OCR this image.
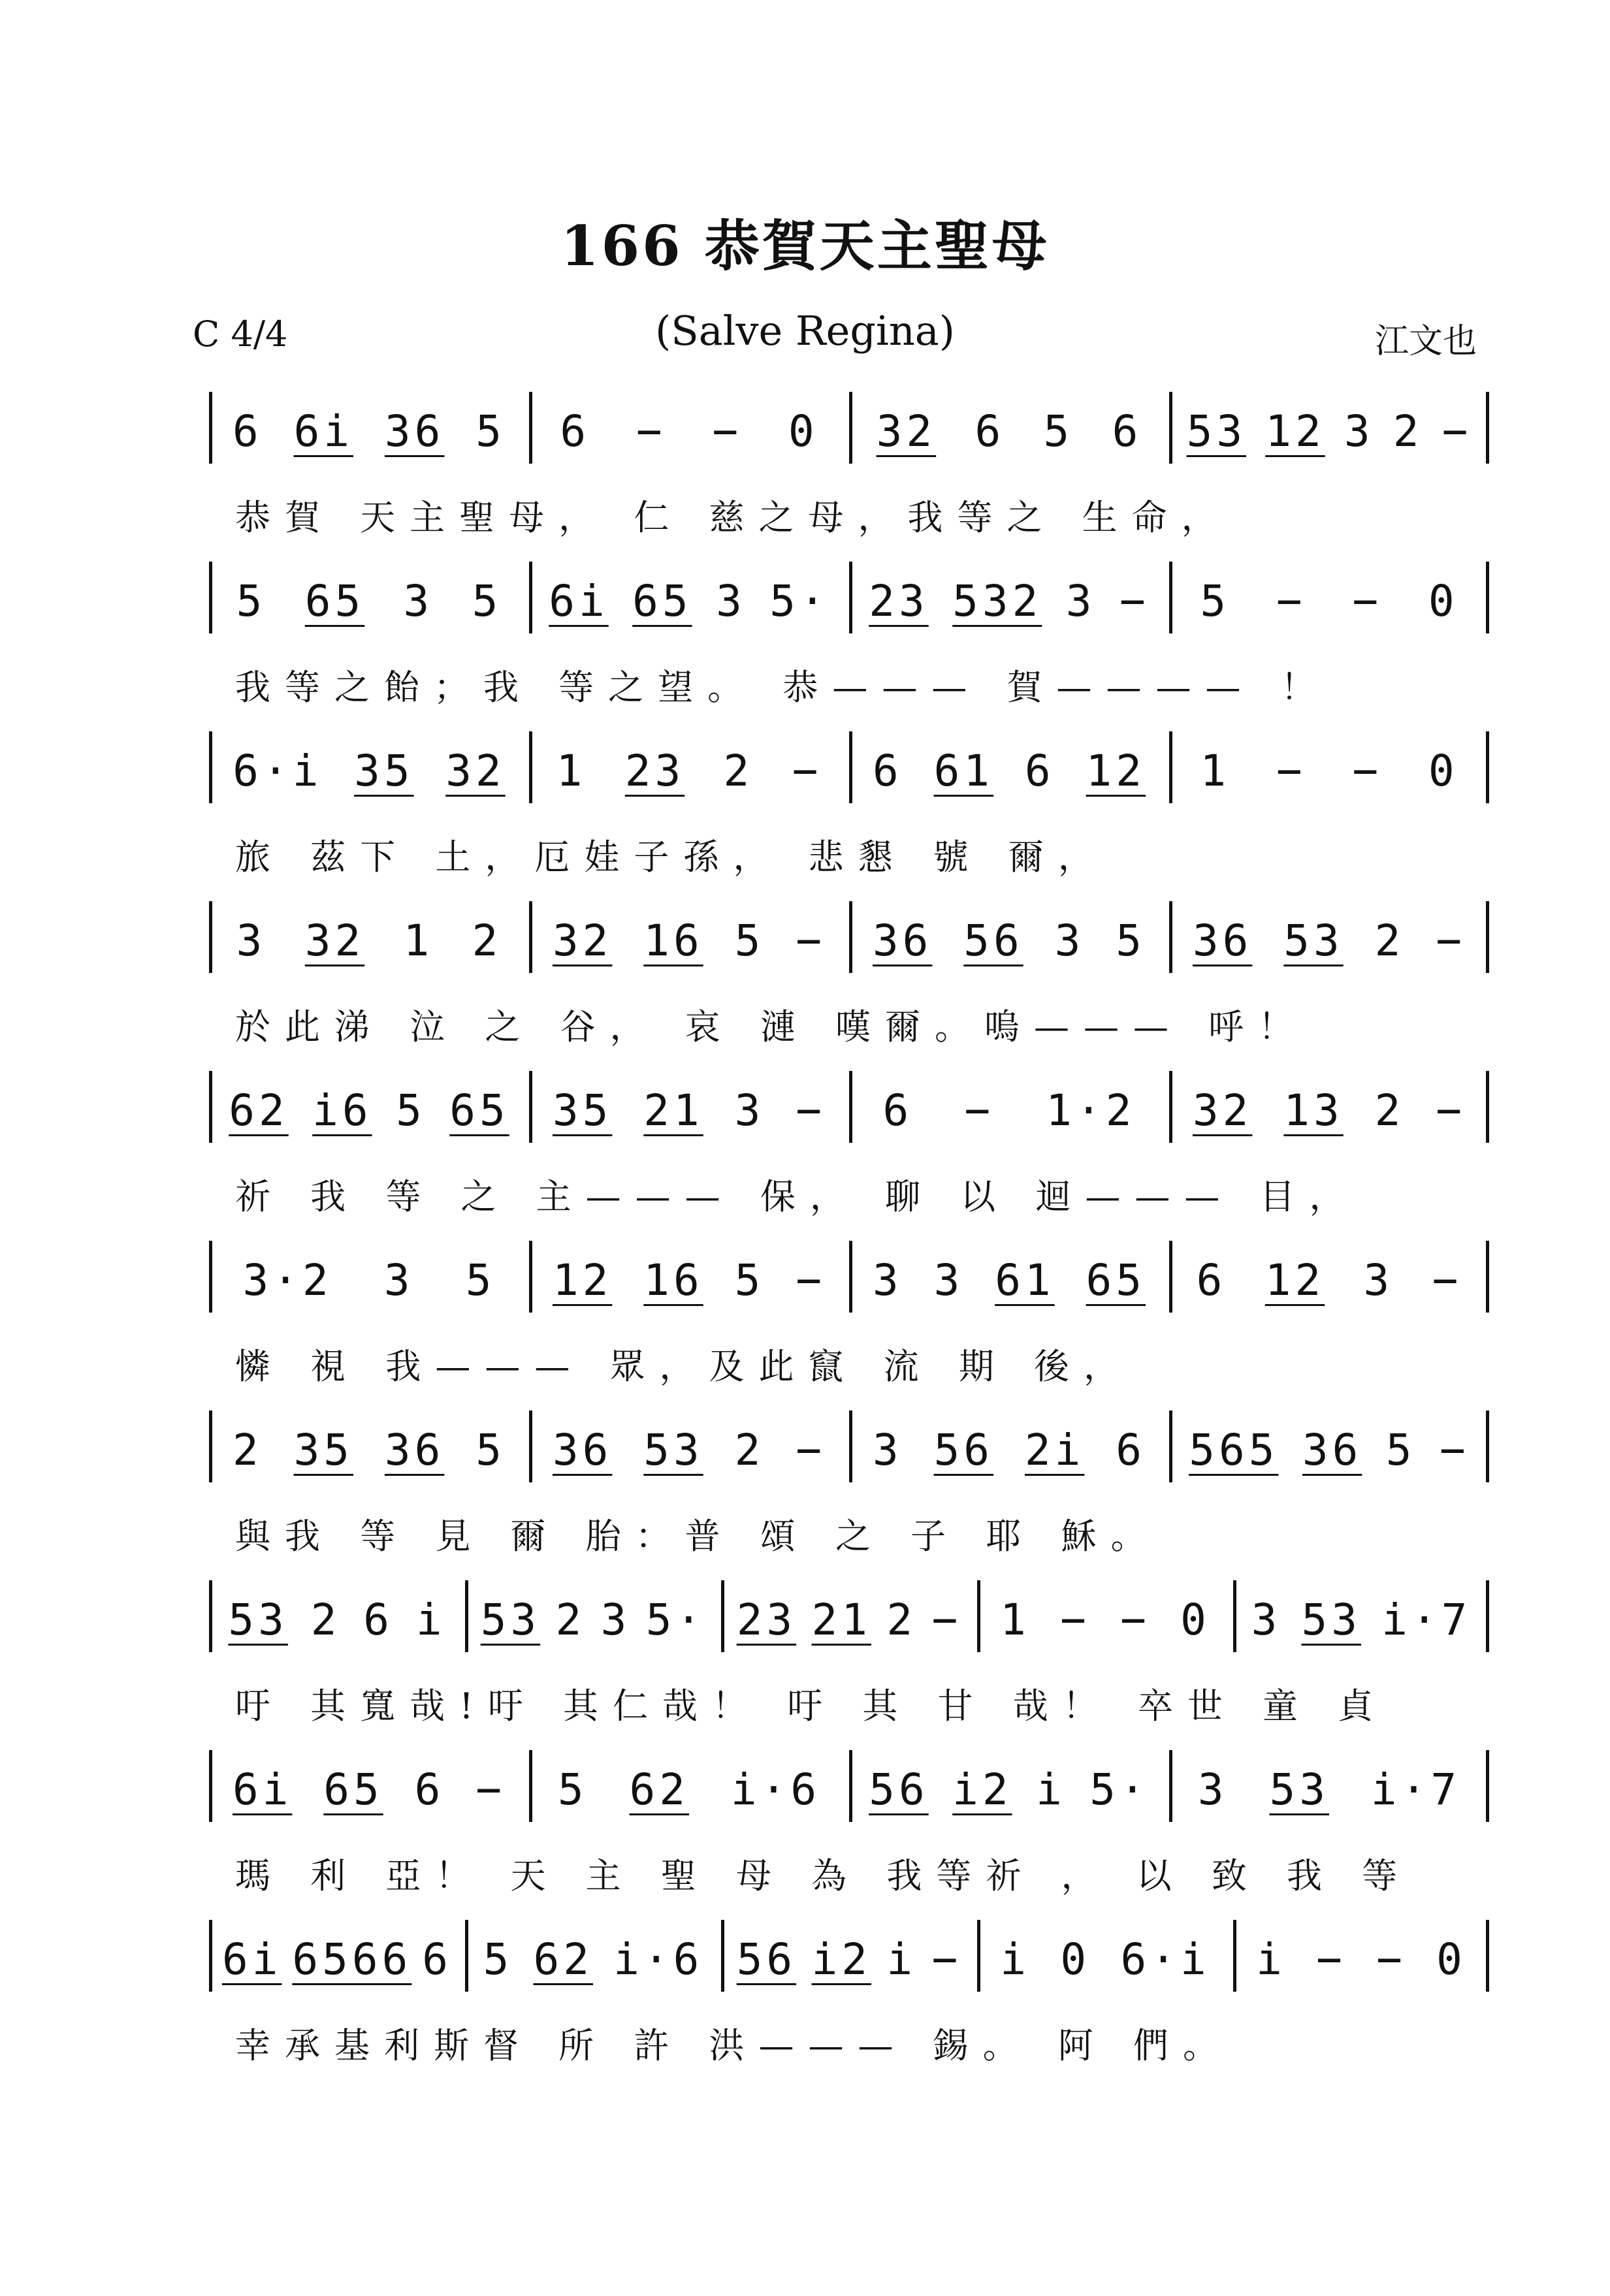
166 恭賀天主聖母
C 4/4	(Salve Regina)	江文也
6 6i 36 5 6 − − 0 32 6 5 6 53 12 3 2 −
恭賀 天主聖母， 仁 慈之母，我等之 生命，
5 65 3 5 6i 65 3 5· 23 532 3 − 5 − − 0
我等之飴；我 等之望。 恭——— 賀———— ！
6·i 35 32 1 23 2 − 6 61 6 12 1 − − 0
旅 茲下 土，厄娃子孫， 悲懇 號 爾，
3 32 1 2 32 16 5 − 36 56 3 5 36 53 2 −
於此涕 泣 之 谷， 哀 漣 嘆爾。嗚——— 呼！
62 i6 5 65 35 21 3 − 6 − 1·2 32 13 2 −
祈 我 等 之 主——— 保， 聊 以 迴——— 目，
3·2 3 5 12 16 5 − 3 3 61 65 6 12 3 −
憐 視 我——— 眾，及此竄 流 期 後，
2 35 36 5 36 53 2 − 3 56 2i 6 565 36 5 −
與我 等 見 爾 胎：普 頌 之 子 耶 穌。
53 2 6 i 53 2 3 5· 23 21 2 − 1 − − 0 3 53 i·7
吁 其寬哉!吁 其仁哉！ 吁 其 甘 哉！ 卒世 童 貞
6i 65 6 − 5 62 i·6 56 i2 i 5· 3 53 i·7
瑪 利 亞！ 天 主 聖 母 為 我等祈 ， 以 致 我 等
6i 6566 6 5 62 i·6 56 i2 i − i 0 6·i i − − 0
幸承基利斯督 所 許 洪——— 錫。 阿 們。
